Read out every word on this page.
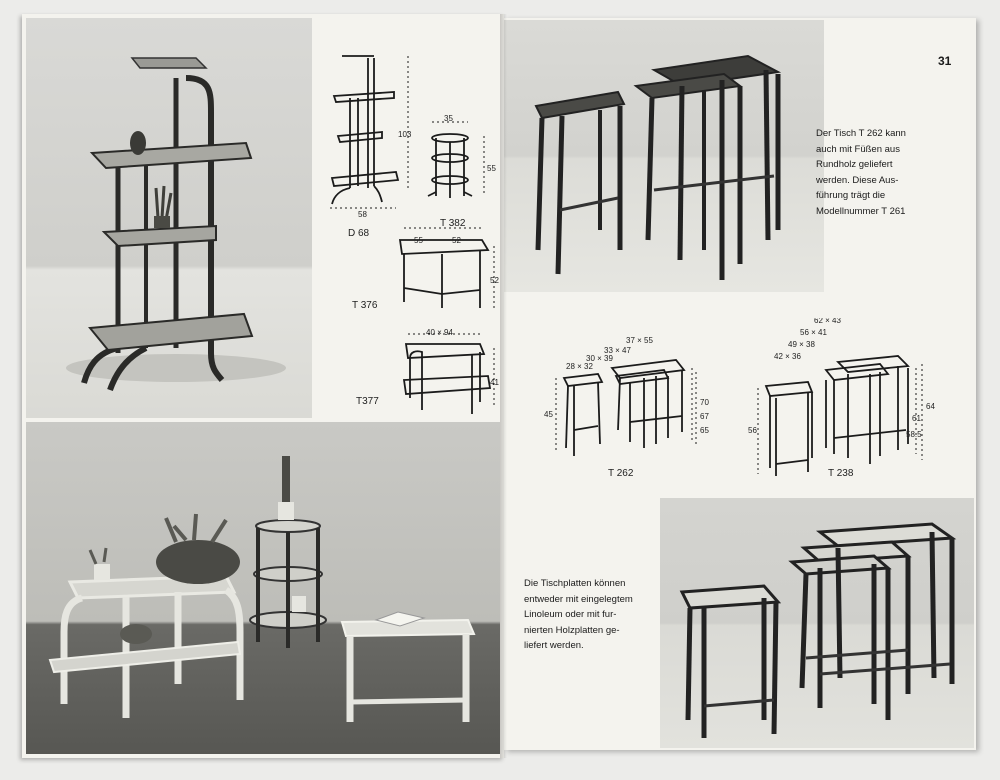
103
58
D 68
35
55
T 382
55	52
52
T 376
40 × 94
41
T377
31
Der Tisch T 262 kann
auch mit Füßen aus
Rundholz geliefert
werden. Diese Aus-
führung trägt die
Modellnummer T 261
28 × 32
30 × 39
33 × 47
37 × 55
45
70
67
65
T 262
62 × 43
56 × 41
49 × 38
42 × 36
56
64
61
58.5
T 238
Die Tischplatten können
entweder mit eingelegtem
Linoleum oder mit fur-
nierten Holzplatten ge-
liefert werden.
